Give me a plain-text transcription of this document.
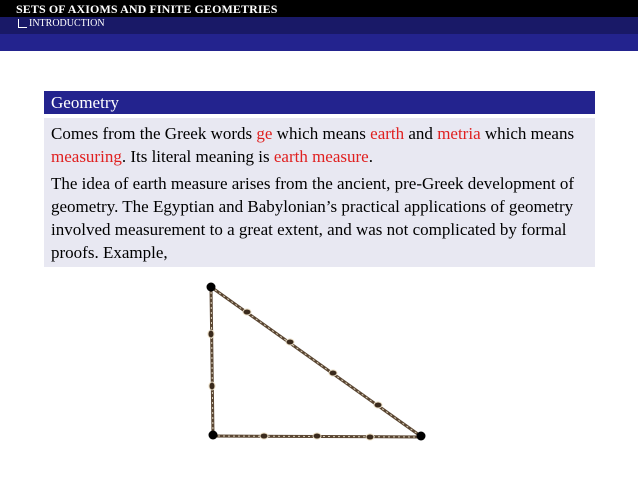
SETS OF AXIOMS AND FINITE GEOMETRIES
INTRODUCTION
Geometry

Comes from the Greek words ge which means earth and metria which means measuring. Its literal meaning is earth measure.

The idea of earth measure arises from the ancient, pre-Greek development of geometry. The Egyptian and Babylonian’s practical applications of geometry involved measurement to a great extent, and was not complicated by formal proofs. Example,
